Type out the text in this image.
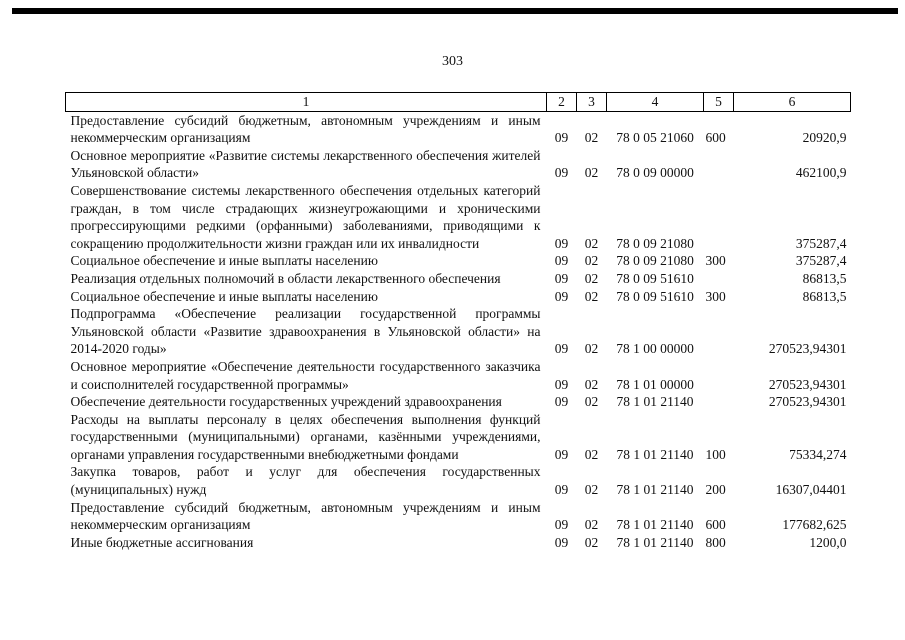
303
1	2	3	4	5	6
Предоставление субсидий бюджетным, автономным учреждениям и иным некоммерческим организациям	09	02	78 0 05 21060	600	20920,9
Основное мероприятие «Развитие системы лекарственного обеспечения жителей Ульяновской области»	09	02	78 0 09 00000		462100,9
Совершенствование системы лекарственного обеспечения отдельных категорий граждан, в том числе страдающих жизнеугрожающими и хроническими прогрессирующими редкими (орфанными) заболеваниями, приводящими к сокращению продолжительности жизни граждан или их инвалидности	09	02	78 0 09 21080		375287,4
Социальное обеспечение и иные выплаты населению	09	02	78 0 09 21080	300	375287,4
Реализация отдельных полномочий в области лекарственного обеспечения	09	02	78 0 09 51610		86813,5
Социальное обеспечение и иные выплаты населению	09	02	78 0 09 51610	300	86813,5
Подпрограмма «Обеспечение реализации государственной программы Ульяновской области «Развитие здравоохранения в Ульяновской области» на 2014-2020 годы»	09	02	78 1 00 00000		270523,94301
Основное мероприятие «Обеспечение деятельности государственного заказчика и соисполнителей государственной программы»	09	02	78 1 01 00000		270523,94301
Обеспечение деятельности государственных учреждений здравоохранения	09	02	78 1 01 21140		270523,94301
Расходы на выплаты персоналу в целях обеспечения выполнения функций государственными (муниципальными) органами, казёнными учреждениями, органами управления государственными внебюджетными фондами	09	02	78 1 01 21140	100	75334,274
Закупка товаров, работ и услуг для обеспечения государственных (муниципальных) нужд	09	02	78 1 01 21140	200	16307,04401
Предоставление субсидий бюджетным, автономным учреждениям и иным некоммерческим организациям	09	02	78 1 01 21140	600	177682,625
Иные бюджетные ассигнования	09	02	78 1 01 21140	800	1200,0
